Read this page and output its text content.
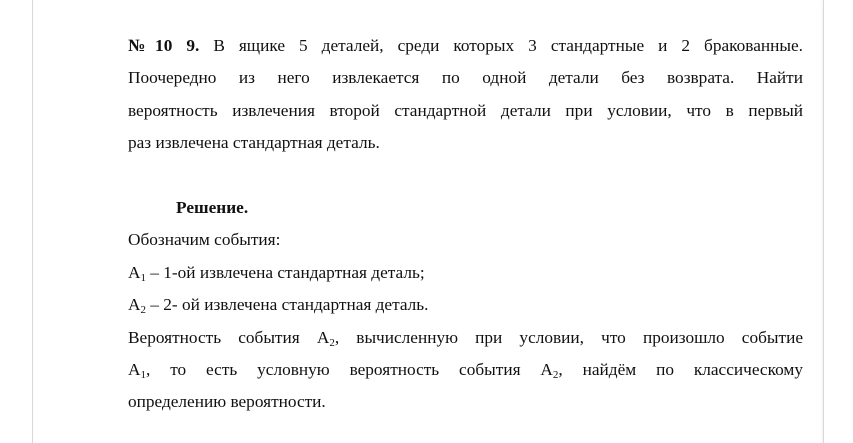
№10 9. В ящике 5 деталей, среди которых 3 стандартные и 2 бракованные.
Поочередно из него извлекается по одной детали без возврата. Найти
вероятность извлечения второй стандартной детали при условии, что в первый
раз извлечена стандартная деталь.
Решение.
Обозначим события:
$A_1 - 1-ой$ извлечена стандартная деталь;
$A_2 - 2-$ ой извлечена стандартная деталь.
Вероятность события $A_2$, вычисленную при условии, что произошло событие
$A_1$, то есть условную вероятность события $A_2$, найдём по классическому
определению вероятности.
